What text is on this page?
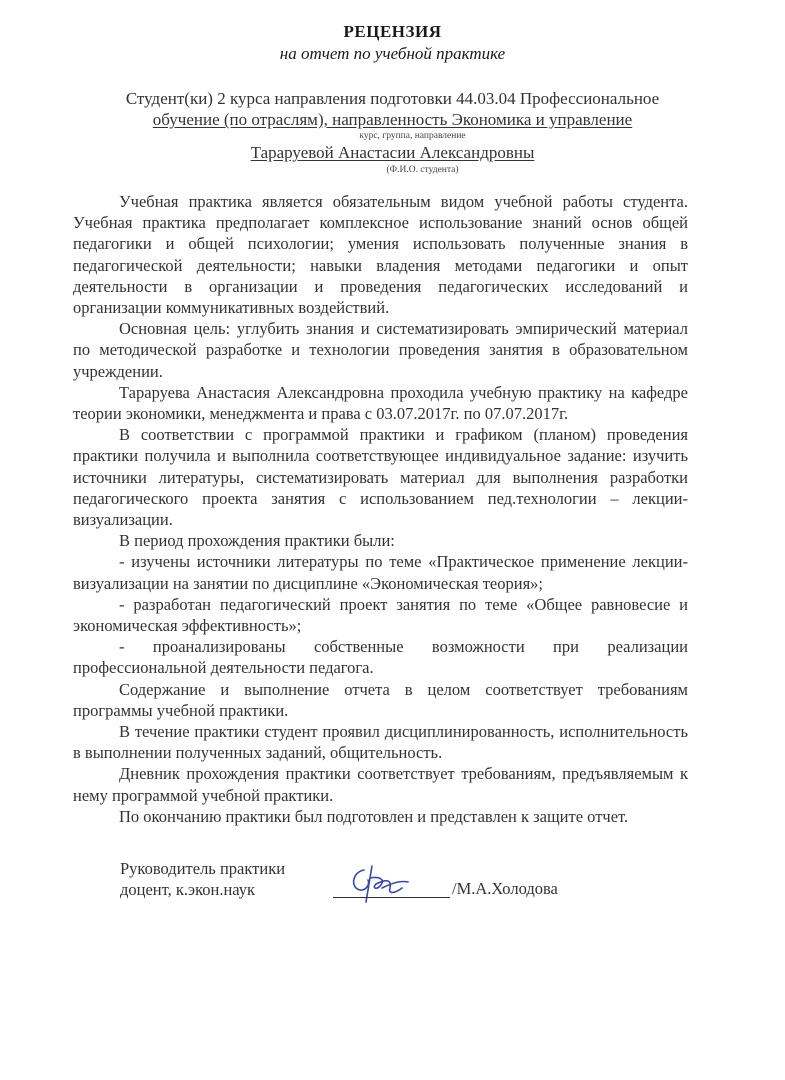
РЕЦЕНЗИЯ
на отчет по учебной практике
Студент(ки) 2 курса направления подготовки 44.03.04 Профессиональное
обучение (по отраслям), направленность Экономика и управление
курс, группа, направление
Тараруевой Анастасии Александровны
(Ф.И.О. студента)

Учебная практика является обязательным видом учебной работы студента. Учебная практика предполагает комплексное использование знаний основ общей педагогики и общей психологии; умения использовать полученные знания в педагогической деятельности; навыки владения методами педагогики и опыт деятельности в организации и проведения педагогических исследований и организации коммуникативных воздействий.

Основная цель: углубить знания и систематизировать эмпирический материал по методической разработке и технологии проведения занятия в образовательном учреждении.

Тараруева Анастасия Александровна проходила учебную практику на кафедре теории экономики, менеджмента и права с 03.07.2017г. по 07.07.2017г.

В соответствии с программой практики и графиком (планом) проведения практики получила и выполнила соответствующее индивидуальное задание: изучить источники литературы, систематизировать материал для выполнения разработки педагогического проекта занятия с использованием пед.технологии – лекции-визуализации.

В период прохождения практики были:

- изучены источники литературы по теме «Практическое применение лекции-визуализации на занятии по дисциплине «Экономическая теория»;

- разработан педагогический проект занятия по теме «Общее равновесие и экономическая эффективность»;

- проанализированы собственные возможности при реализации профессиональной деятельности педагога.

Содержание и выполнение отчета в целом соответствует требованиям программы учебной практики.

В течение практики студент проявил дисциплинированность, исполнительность в выполнении полученных заданий, общительность.

Дневник прохождения практики соответствует требованиям, предъявляемым к нему программой учебной практики.

По окончанию практики был подготовлен и представлен к защите отчет.

Руководитель практики
доцент, к.экон.наук	/М.А.Холодова
